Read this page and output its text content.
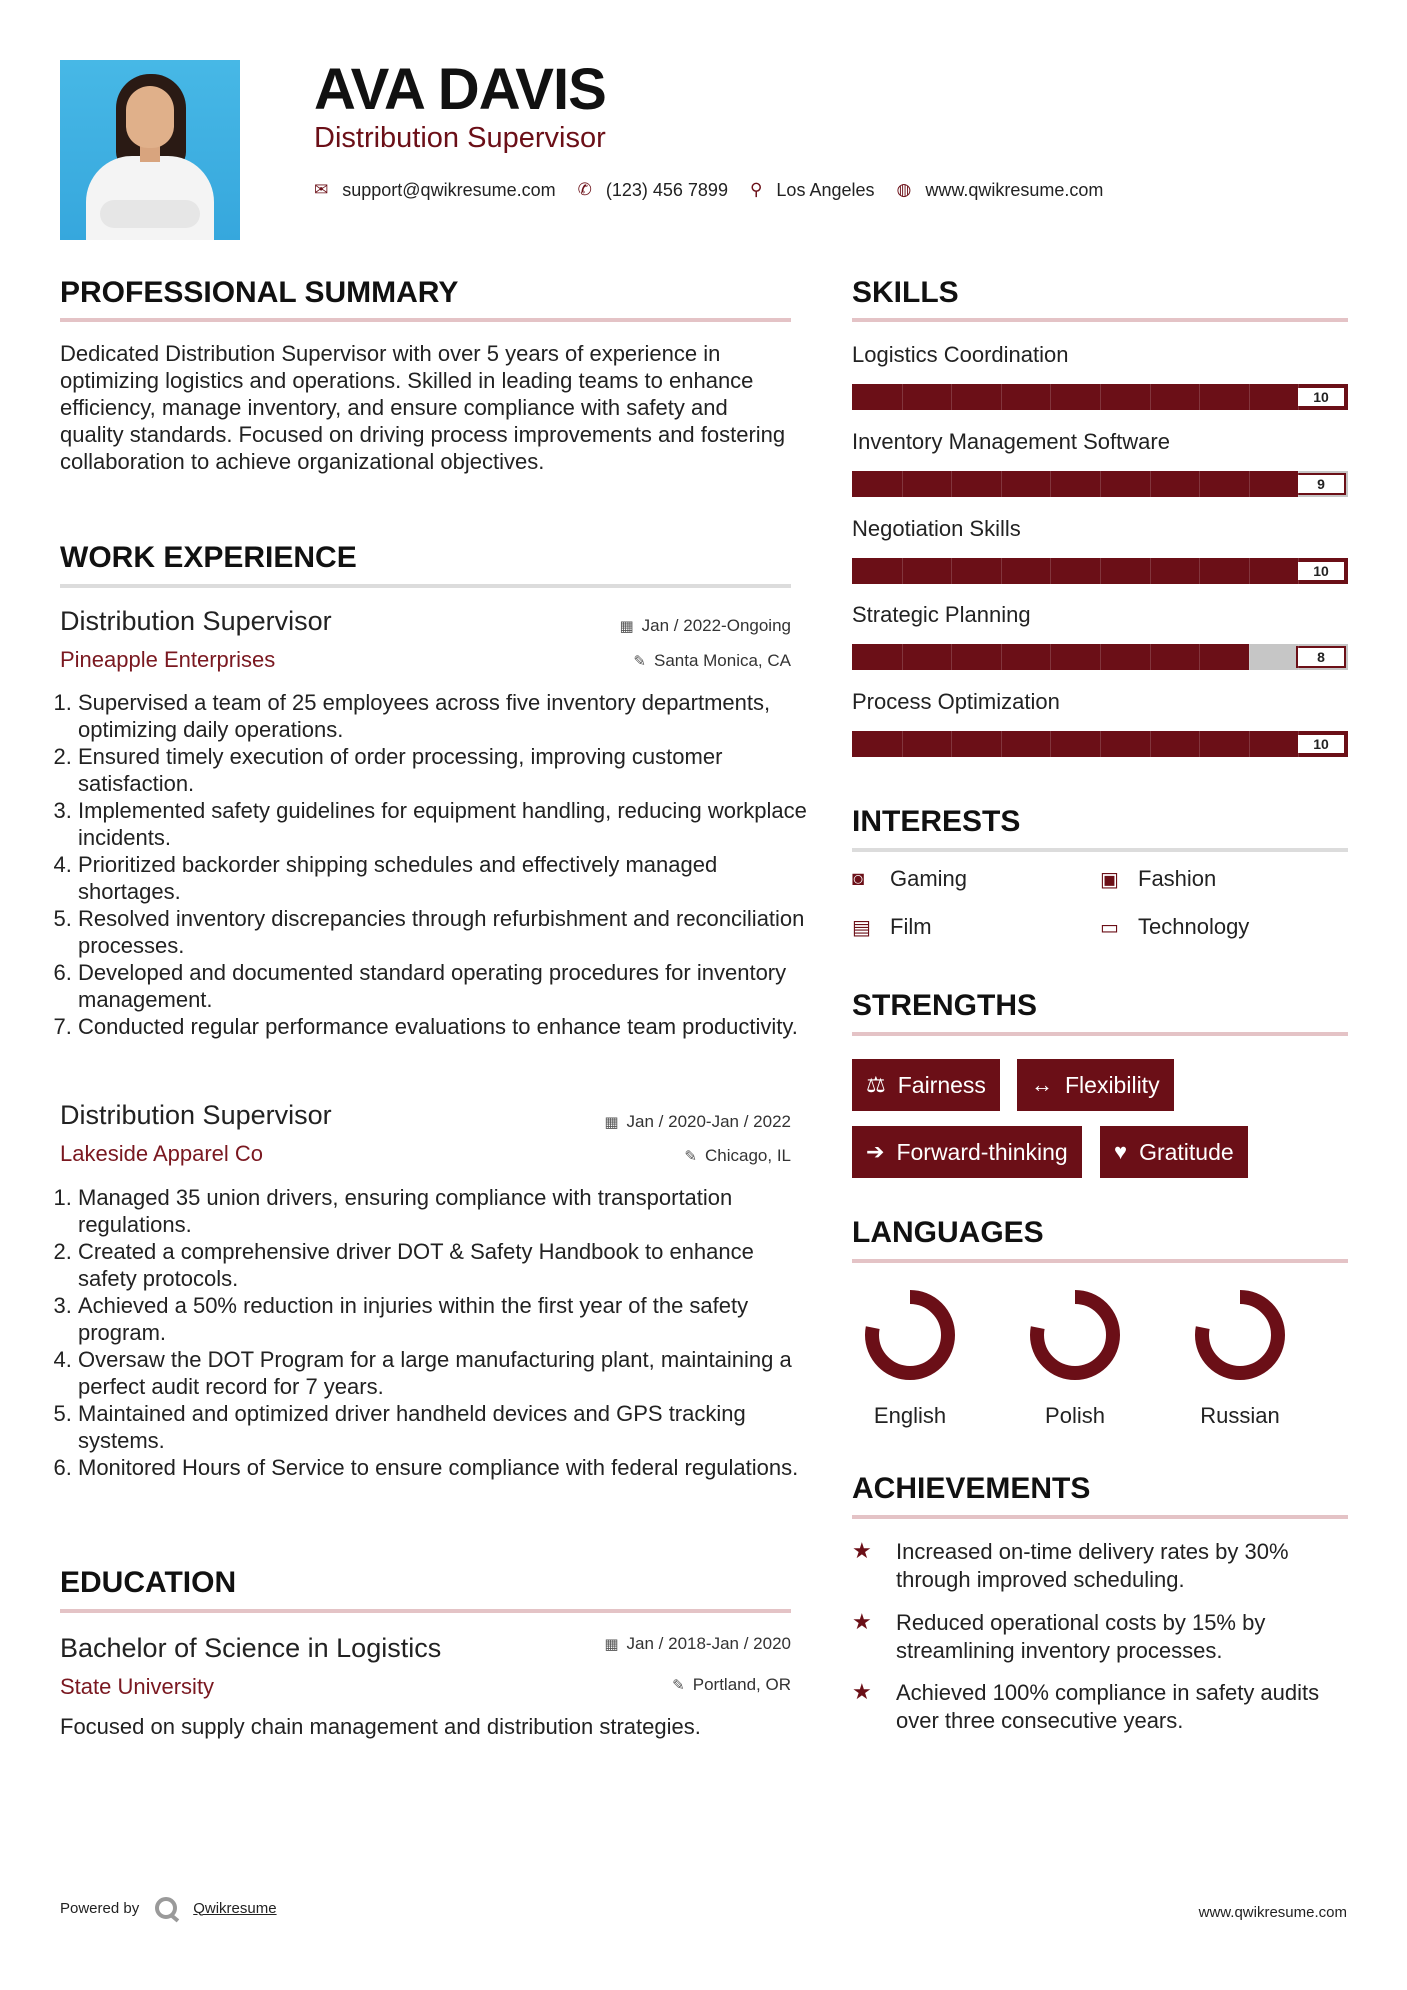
AVA DAVIS
Distribution Supervisor
✉ support@qwikresume.com ✆ (123) 456 7899 ⚲ Los Angeles ◍ www.qwikresume.com
PROFESSIONAL SUMMARY
Dedicated Distribution Supervisor with over 5 years of experience in optimizing logistics and operations. Skilled in leading teams to enhance efficiency, manage inventory, and ensure compliance with safety and quality standards. Focused on driving process improvements and fostering collaboration to achieve organizational objectives.
WORK EXPERIENCE
Distribution Supervisor	▦ Jan / 2022-Ongoing
Pineapple Enterprises	✎ Santa Monica, CA
1. Supervised a team of 25 employees across five inventory departments, optimizing daily operations.
2. Ensured timely execution of order processing, improving customer satisfaction.
3. Implemented safety guidelines for equipment handling, reducing workplace incidents.
4. Prioritized backorder shipping schedules and effectively managed shortages.
5. Resolved inventory discrepancies through refurbishment and reconciliation processes.
6. Developed and documented standard operating procedures for inventory management.
7. Conducted regular performance evaluations to enhance team productivity.
Distribution Supervisor	▦ Jan / 2020-Jan / 2022
Lakeside Apparel Co	✎ Chicago, IL
1. Managed 35 union drivers, ensuring compliance with transportation regulations.
2. Created a comprehensive driver DOT & Safety Handbook to enhance safety protocols.
3. Achieved a 50% reduction in injuries within the first year of the safety program.
4. Oversaw the DOT Program for a large manufacturing plant, maintaining a perfect audit record for 7 years.
5. Maintained and optimized driver handheld devices and GPS tracking systems.
6. Monitored Hours of Service to ensure compliance with federal regulations.
EDUCATION
Bachelor of Science in Logistics	▦ Jan / 2018-Jan / 2020
State University	✎ Portland, OR
Focused on supply chain management and distribution strategies.
SKILLS
Logistics Coordination
10
Inventory Management Software
9
Negotiation Skills
10
Strategic Planning
8
Process Optimization
10
INTERESTS
◙	Gaming	▣ Fashion
▤ Film	▭ Technology
STRENGTHS
⚖ Fairness ↔ Flexibility
➔ Forward-thinking ♥ Gratitude
LANGUAGES
English	Polish	Russian
ACHIEVEMENTS
★	Increased on-time delivery rates by 30% through improved scheduling.
★	Reduced operational costs by 15% by streamlining inventory processes.
★	Achieved 100% compliance in safety audits over three consecutive years.
Powered by	Qwikresume	www.qwikresume.com
